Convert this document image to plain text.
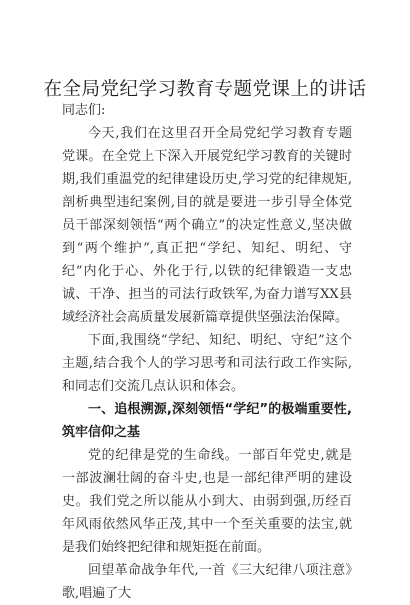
在全局党纪学习教育专题党课上的讲话
同志们:

今天,我们在这里召开全局党纪学习教育专题党课。在全党上下深入开展党纪学习教育的关键时期,我们重温党的纪律建设历史,学习党的纪律规矩,剖析典型违纪案例,目的就是要进一步引导全体党员干部深刻领悟“两个确立”的决定性意义,坚决做到“两个维护”,真正把“学纪、知纪、明纪、守纪”内化于心、外化于行,以铁的纪律锻造一支忠诚、干净、担当的司法行政铁军,为奋力谱写XX县域经济社会高质量发展新篇章提供坚强法治保障。

下面,我围绕“学纪、知纪、明纪、守纪”这个主题,结合我个人的学习思考和司法行政工作实际,和同志们交流几点认识和体会。

一、追根溯源,深刻领悟“学纪”的极端重要性,筑牢信仰之基

党的纪律是党的生命线。一部百年党史,就是一部波澜壮阔的奋斗史,也是一部纪律严明的建设史。我们党之所以能从小到大、由弱到强,历经百年风雨依然风华正茂,其中一个至关重要的法宝,就是我们始终把纪律和规矩挺在前面。

回望革命战争年代,一首《三大纪律八项注意》歌,唱遍了大
